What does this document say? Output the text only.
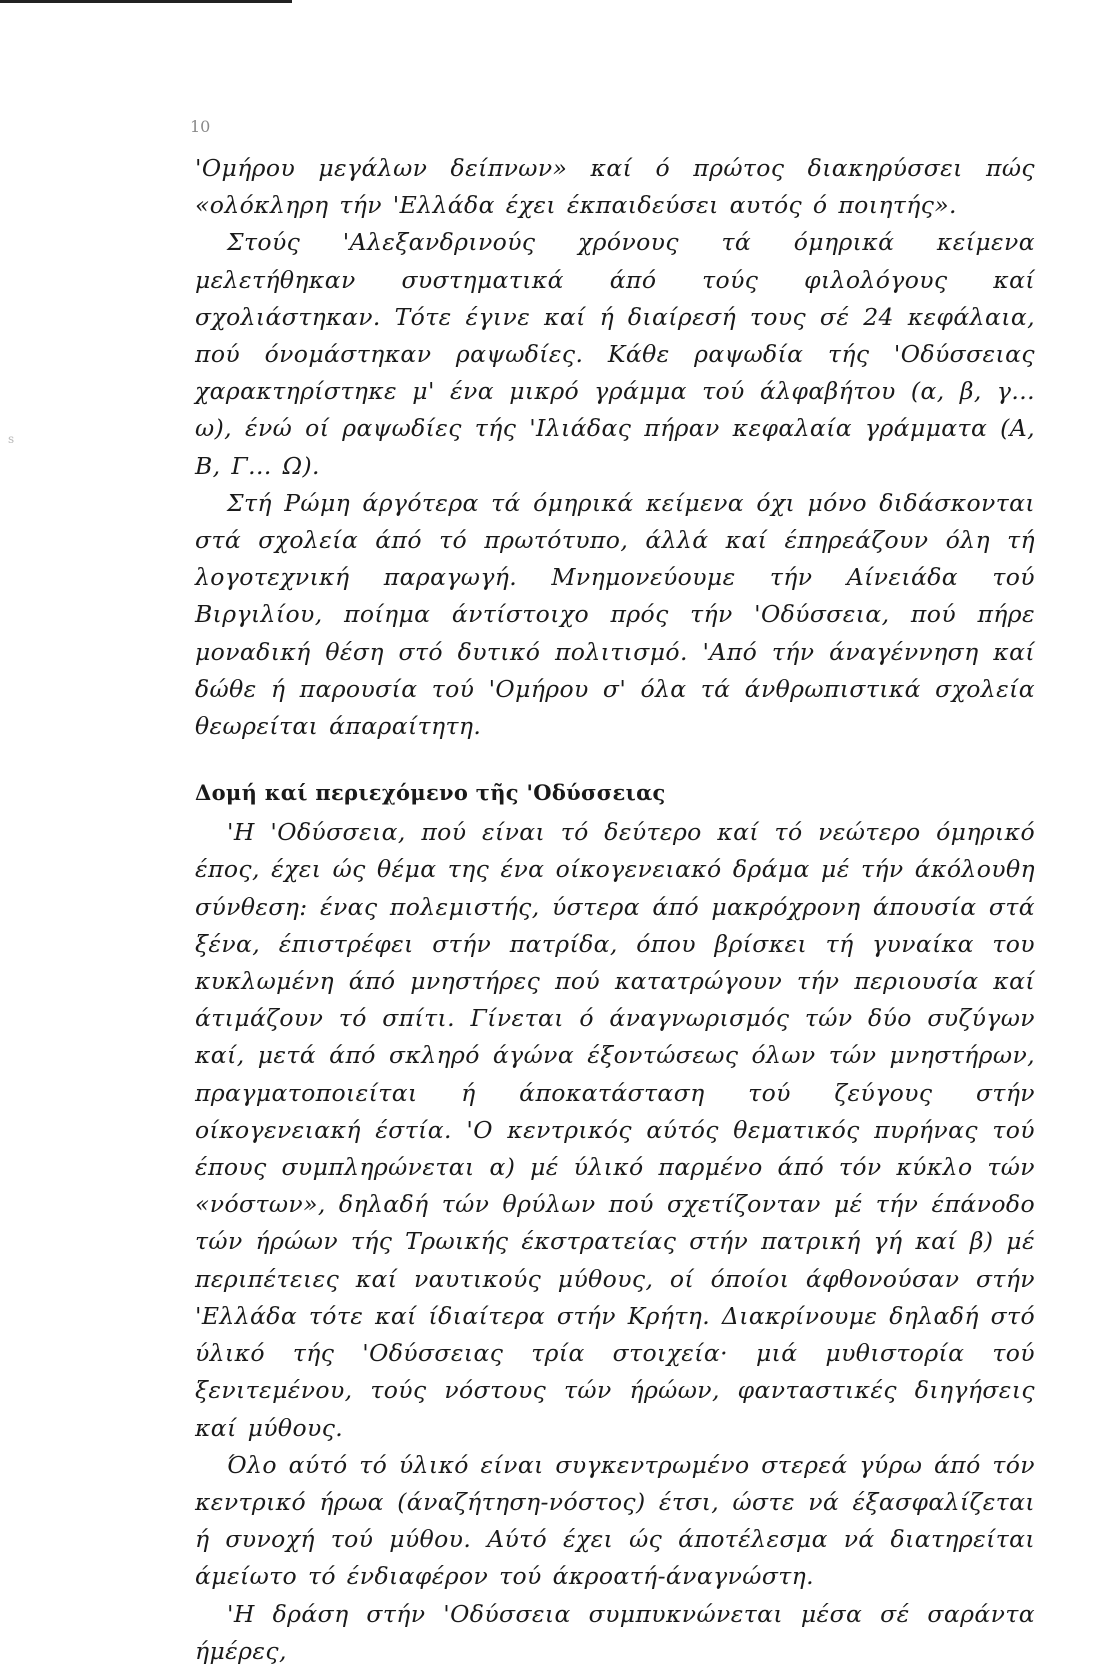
s
10

'Ομήρου μεγάλων δείπνων» καί ό πρώτος διακηρύσσει πώς «ολόκληρη τήν 'Ελλάδα έχει έκπαιδεύσει αυτός ό ποιητής».

Στούς 'Αλεξανδρινούς χρόνους τά όμηρικά κείμενα μελετήθηκαν συστηματικά άπό τούς φιλολόγους καί σχολιάστηκαν. Τότε έγινε καί ή διαίρεσή τους σέ 24 κεφάλαια, πού όνομάστηκαν ραψωδίες. Κάθε ραψωδία τής 'Οδύσσειας χαρακτηρίστηκε μ' ένα μικρό γράμμα τού άλφαβήτου (α, β, γ... ω), ένώ οί ραψωδίες τής 'Ιλιάδας πήραν κεφαλαία γράμματα (Α, Β, Γ... Ω).

Στή Ρώμη άργότερα τά όμηρικά κείμενα όχι μόνο διδάσκονται στά σχολεία άπό τό πρωτότυπο, άλλά καί έπηρεάζουν όλη τή λογοτεχνική παραγωγή. Μνημονεύουμε τήν Αίνειάδα τού Βιργιλίου, ποίημα άντίστοιχο πρός τήν 'Οδύσσεια, πού πήρε μοναδική θέση στό δυτικό πολιτισμό. 'Από τήν άναγέννηση καί δώθε ή παρουσία τού 'Ομήρου σ' όλα τά άνθρωπιστικά σχολεία θεωρείται άπαραίτητη.

Δομή καί περιεχόμενο τῆς 'Οδύσσειας

'Η 'Οδύσσεια, πού είναι τό δεύτερο καί τό νεώτερο όμηρικό έπος, έχει ώς θέμα της ένα οίκογενειακό δράμα μέ τήν άκόλουθη σύνθεση: ένας πολεμιστής, ύστερα άπό μακρόχρονη άπουσία στά ξένα, έπιστρέφει στήν πατρίδα, όπου βρίσκει τή γυναίκα του κυκλωμένη άπό μνηστήρες πού κατατρώγουν τήν περιουσία καί άτιμάζουν τό σπίτι. Γίνεται ό άναγνωρισμός τών δύο συζύγων καί, μετά άπό σκληρό άγώνα έξοντώσεως όλων τών μνηστήρων, πραγματοποιείται ή άποκατάσταση τού ζεύγους στήν οίκογενειακή έστία. 'Ο κεντρικός αύτός θεματικός πυρήνας τού έπους συμπληρώνεται α) μέ ύλικό παρμένο άπό τόν κύκλο τών «νόστων», δηλαδή τών θρύλων πού σχετίζονταν μέ τήν έπάνοδο τών ήρώων τής Τρωικής έκστρατείας στήν πατρική γή καί β) μέ περιπέτειες καί ναυτικούς μύθους, οί όποίοι άφθονούσαν στήν 'Ελλάδα τότε καί ίδιαίτερα στήν Κρήτη. Διακρίνουμε δηλαδή στό ύλικό τής 'Οδύσσειας τρία στοιχεία· μιά μυθιστορία τού ξενιτεμένου, τούς νόστους τών ήρώων, φανταστικές διηγήσεις καί μύθους.

Όλο αύτό τό ύλικό είναι συγκεντρωμένο στερεά γύρω άπό τόν κεντρικό ήρωα (άναζήτηση-νόστος) έτσι, ώστε νά έξασφαλίζεται ή συνοχή τού μύθου. Αύτό έχει ώς άποτέλεσμα νά διατηρείται άμείωτο τό ένδιαφέρον τού άκροατή-άναγνώστη.

'Η δράση στήν 'Οδύσσεια συμπυκνώνεται μέσα σέ σαράντα ήμέρες,
